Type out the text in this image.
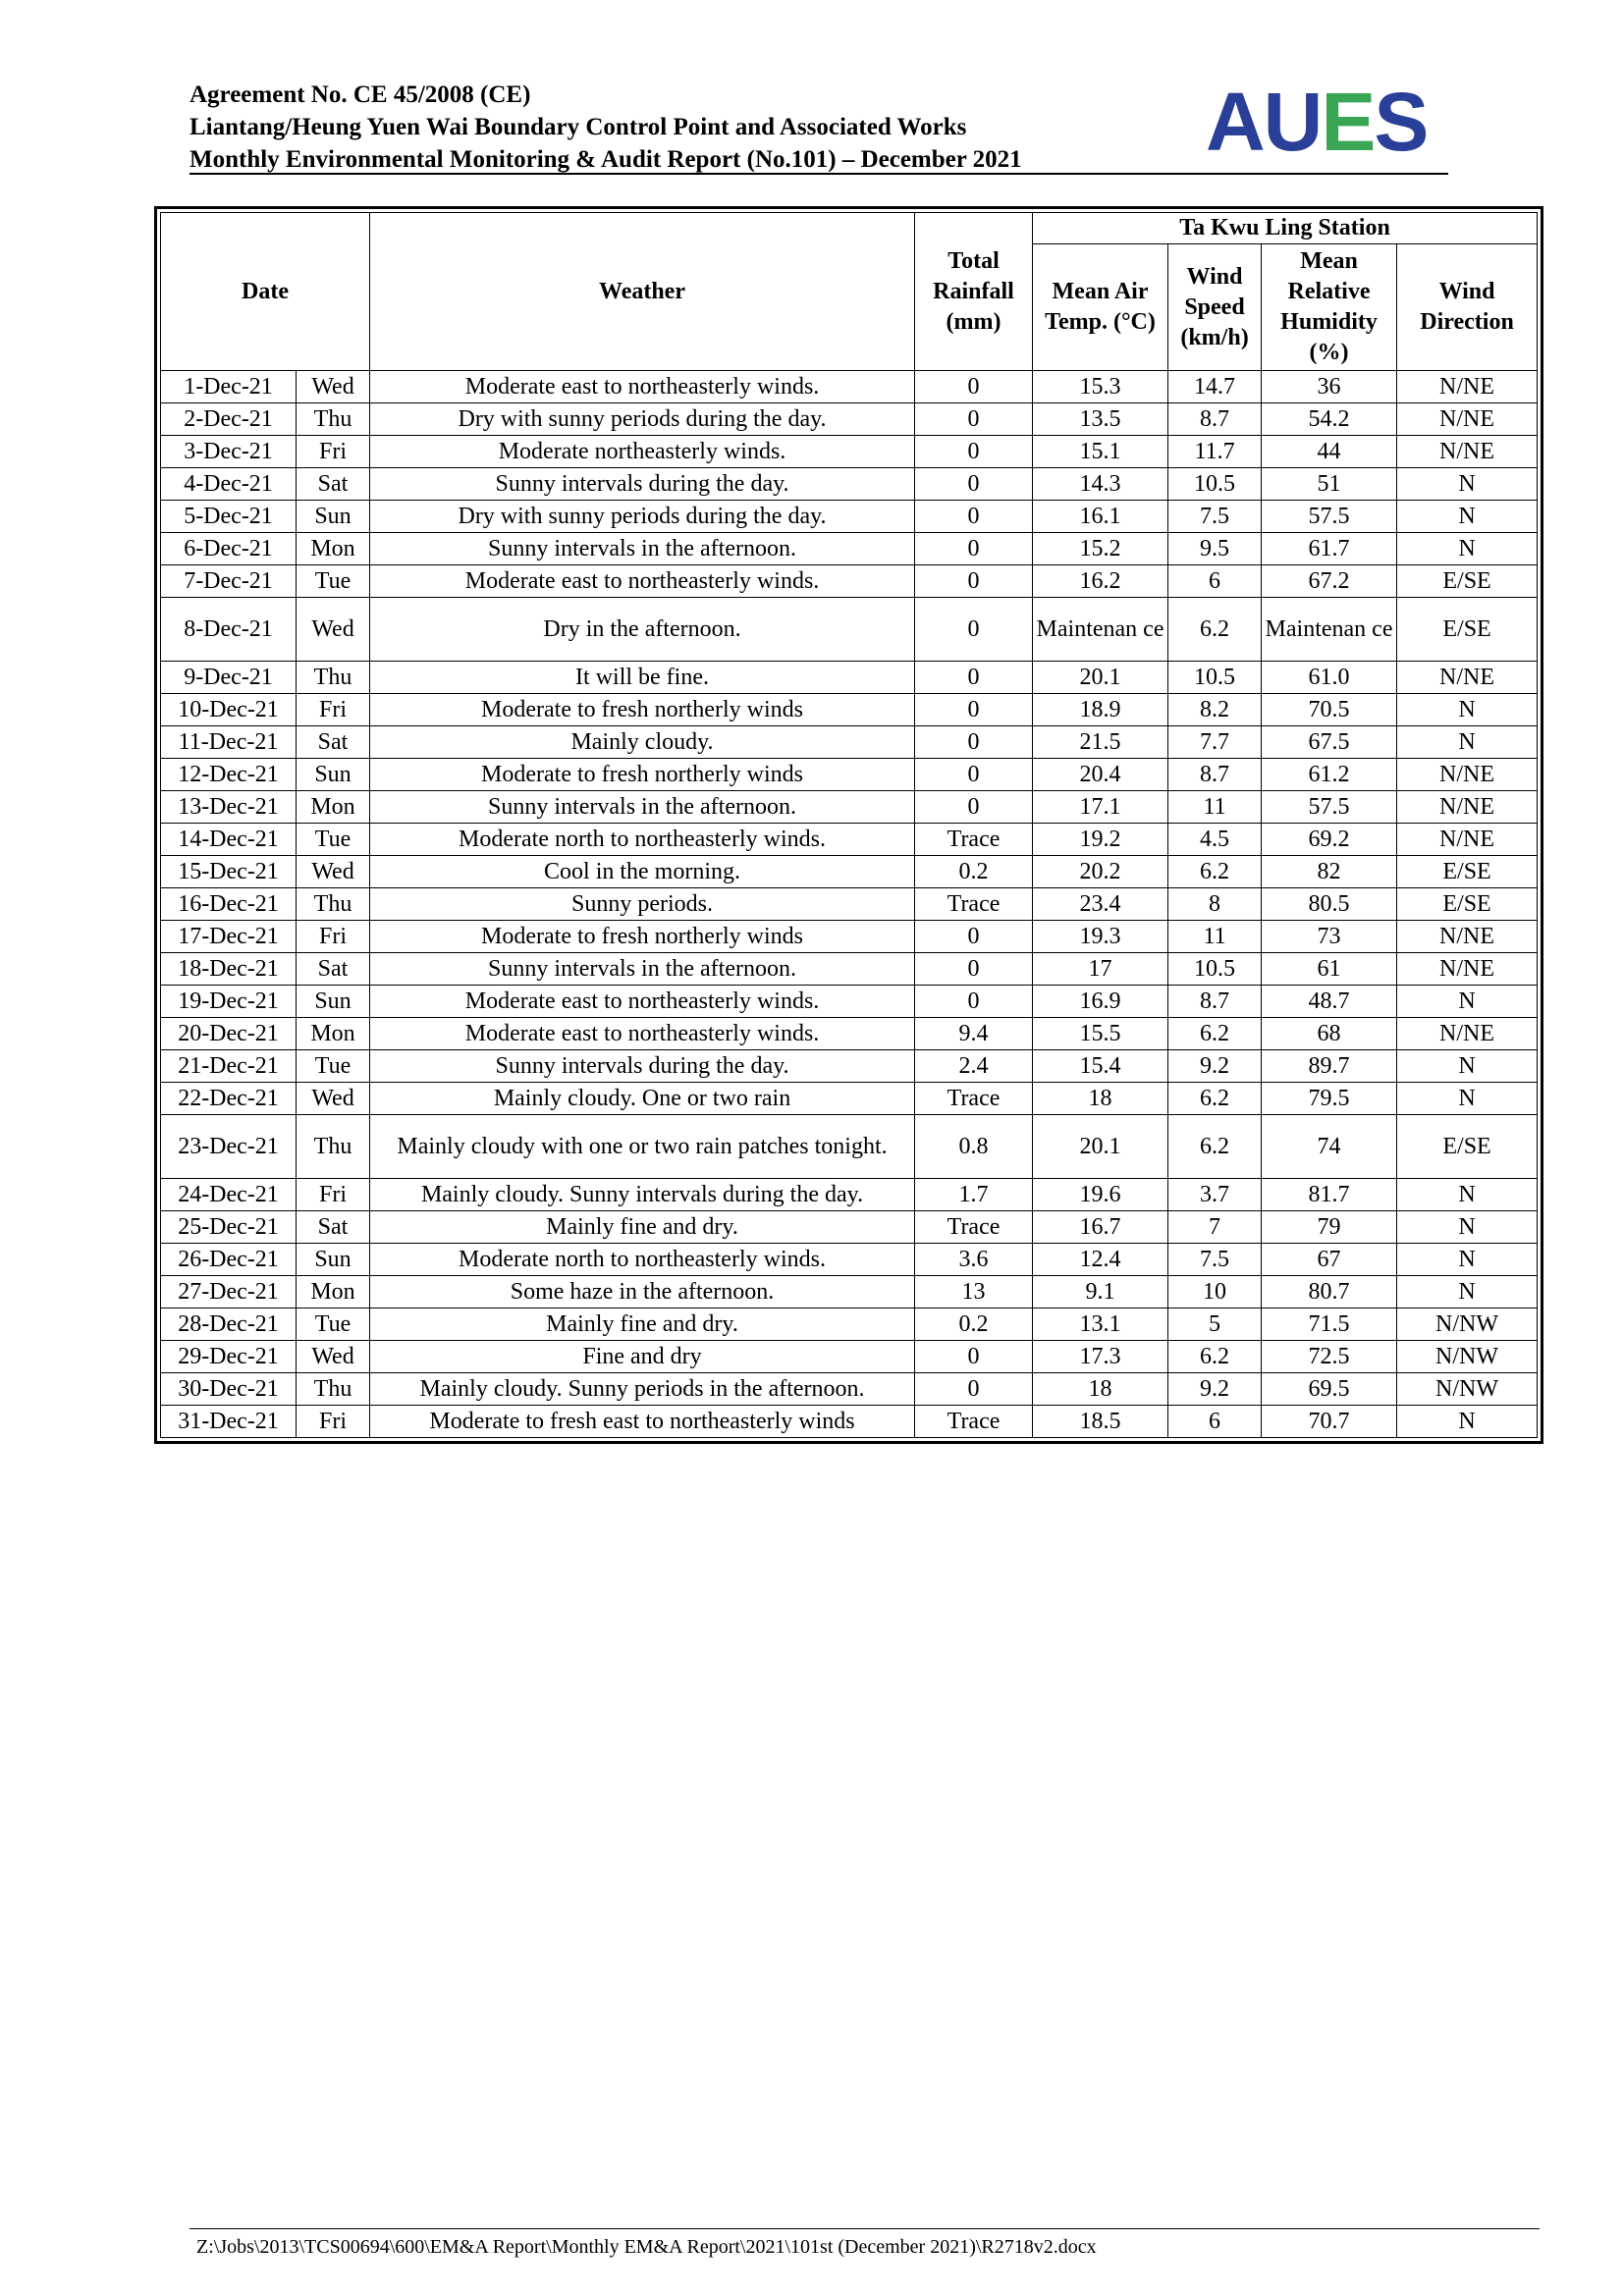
Agreement No. CE 45/2008 (CE)
Liantang/Heung Yuen Wai Boundary Control Point and Associated Works
Monthly Environmental Monitoring & Audit Report (No.101) – December 2021	AUES
Date		Weather	Total Rainfall (mm)	Ta Kwu Ling Station			
				Mean Air Temp. (°C)	Wind Speed (km/h)	Mean Relative Humidity (%)	Wind Direction
1-Dec-21	Wed	Moderate east to northeasterly winds.	0	15.3	14.7	36	N/NE
2-Dec-21	Thu	Dry with sunny periods during the day.	0	13.5	8.7	54.2	N/NE
3-Dec-21	Fri	Moderate northeasterly winds.	0	15.1	11.7	44	N/NE
4-Dec-21	Sat	Sunny intervals during the day.	0	14.3	10.5	51	N
5-Dec-21	Sun	Dry with sunny periods during the day.	0	16.1	7.5	57.5	N
6-Dec-21	Mon	Sunny intervals in the afternoon.	0	15.2	9.5	61.7	N
7-Dec-21	Tue	Moderate east to northeasterly winds.	0	16.2	6	67.2	E/SE
8-Dec-21	Wed	Dry in the afternoon.	0	Maintenan ce	6.2	Maintenan ce	E/SE
9-Dec-21	Thu	It will be fine.	0	20.1	10.5	61.0	N/NE
10-Dec-21	Fri	Moderate to fresh northerly winds	0	18.9	8.2	70.5	N
11-Dec-21	Sat	Mainly cloudy.	0	21.5	7.7	67.5	N
12-Dec-21	Sun	Moderate to fresh northerly winds	0	20.4	8.7	61.2	N/NE
13-Dec-21	Mon	Sunny intervals in the afternoon.	0	17.1	11	57.5	N/NE
14-Dec-21	Tue	Moderate north to northeasterly winds.	Trace	19.2	4.5	69.2	N/NE
15-Dec-21	Wed	Cool in the morning.	0.2	20.2	6.2	82	E/SE
16-Dec-21	Thu	Sunny periods.	Trace	23.4	8	80.5	E/SE
17-Dec-21	Fri	Moderate to fresh northerly winds	0	19.3	11	73	N/NE
18-Dec-21	Sat	Sunny intervals in the afternoon.	0	17	10.5	61	N/NE
19-Dec-21	Sun	Moderate east to northeasterly winds.	0	16.9	8.7	48.7	N
20-Dec-21	Mon	Moderate east to northeasterly winds.	9.4	15.5	6.2	68	N/NE
21-Dec-21	Tue	Sunny intervals during the day.	2.4	15.4	9.2	89.7	N
22-Dec-21	Wed	Mainly cloudy. One or two rain	Trace	18	6.2	79.5	N
23-Dec-21	Thu	Mainly cloudy with one or two rain patches tonight.	0.8	20.1	6.2	74	E/SE
24-Dec-21	Fri	Mainly cloudy. Sunny intervals during the day.	1.7	19.6	3.7	81.7	N
25-Dec-21	Sat	Mainly fine and dry.	Trace	16.7	7	79	N
26-Dec-21	Sun	Moderate north to northeasterly winds.	3.6	12.4	7.5	67	N
27-Dec-21	Mon	Some haze in the afternoon.	13	9.1	10	80.7	N
28-Dec-21	Tue	Mainly fine and dry.	0.2	13.1	5	71.5	N/NW
29-Dec-21	Wed	Fine and dry	0	17.3	6.2	72.5	N/NW
30-Dec-21	Thu	Mainly cloudy. Sunny periods in the afternoon.	0	18	9.2	69.5	N/NW
31-Dec-21	Fri	Moderate to fresh east to northeasterly winds	Trace	18.5	6	70.7	N
Z:\Jobs\2013\TCS00694\600\EM&A Report\Monthly EM&A Report\2021\101st (December 2021)\R2718v2.docx
